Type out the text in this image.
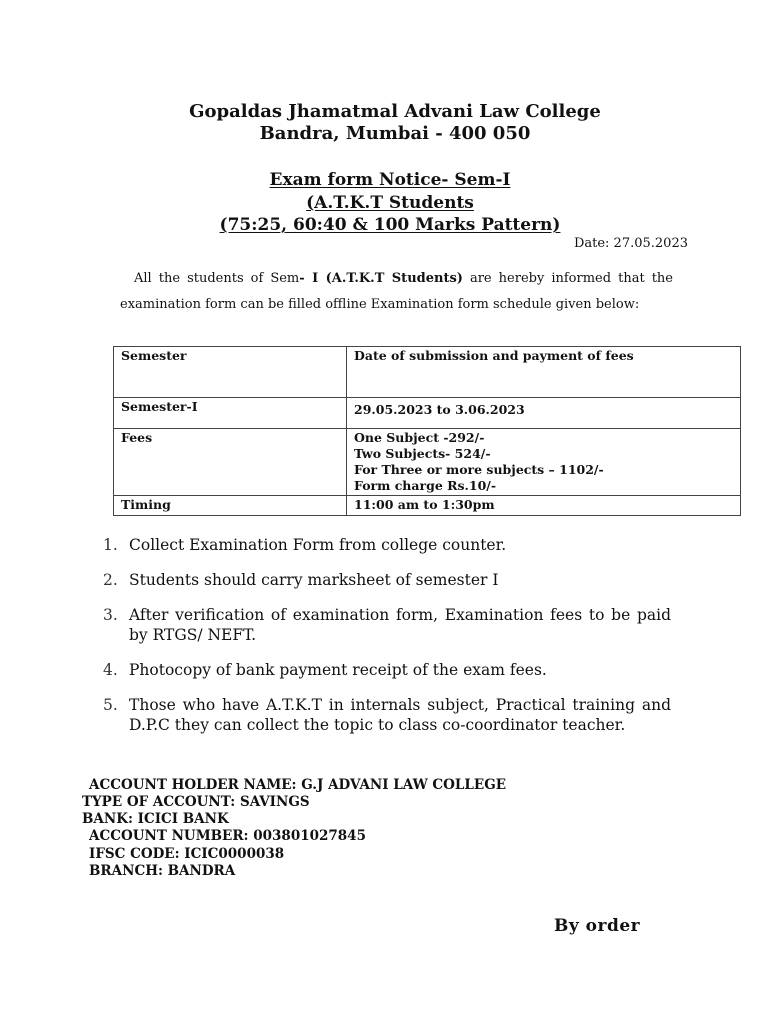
Gopaldas Jhamatmal Advani Law College
Bandra, Mumbai - 400 050
Exam form Notice- Sem-I
(A.T.K.T Students
(75:25, 60:40 & 100 Marks Pattern)
Date: 27.05.2023
All the students of Sem- I (A.T.K.T Students) are hereby informed that the examination form can be filled offline Examination form schedule given below:
Semester	Date of submission and payment of fees
Semester-I	29.05.2023 to 3.06.2023

Fees	One Subject -292/-
Two Subjects- 524/-
For Three or more subjects – 1102/-
Form charge Rs.10/-

Timing	11:00 am to 1:30pm
1. Collect Examination Form from college counter.
2. Students should carry marksheet of semester I
3. After verification of examination form, Examination fees to be paid by RTGS/ NEFT.
4. Photocopy of bank payment receipt of the exam fees.
5. Those who have A.T.K.T in internals subject, Practical training and D.P.C they can collect the topic to class co-coordinator teacher.
ACCOUNT HOLDER NAME: G.J ADVANI LAW COLLEGE
TYPE OF ACCOUNT: SAVINGS
BANK: ICICI BANK
ACCOUNT NUMBER: 003801027845
IFSC CODE: ICIC0000038
BRANCH: BANDRA
By order
